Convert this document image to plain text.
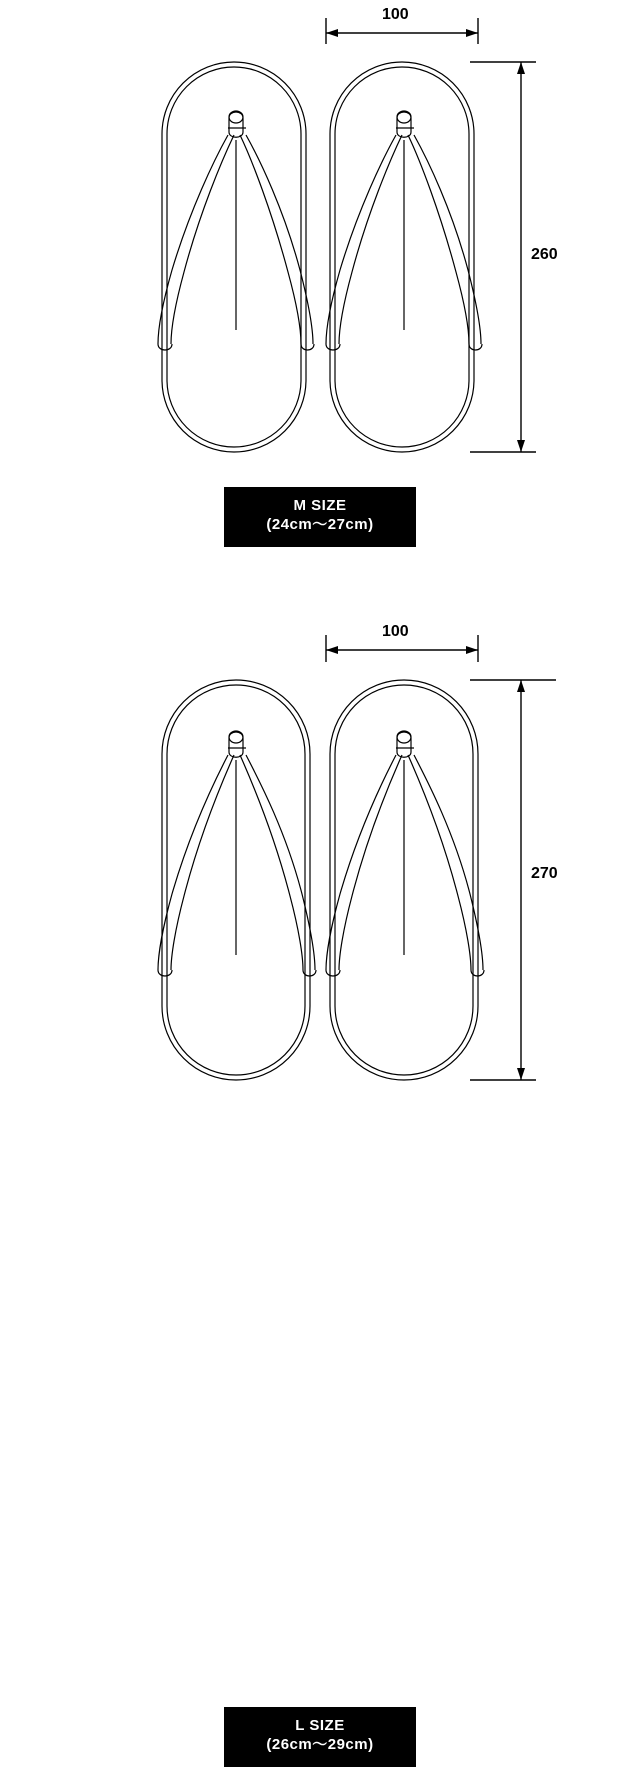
100
260
M SIZE
(24cm〜27cm)
100
270
L SIZE
(26cm〜29cm)
